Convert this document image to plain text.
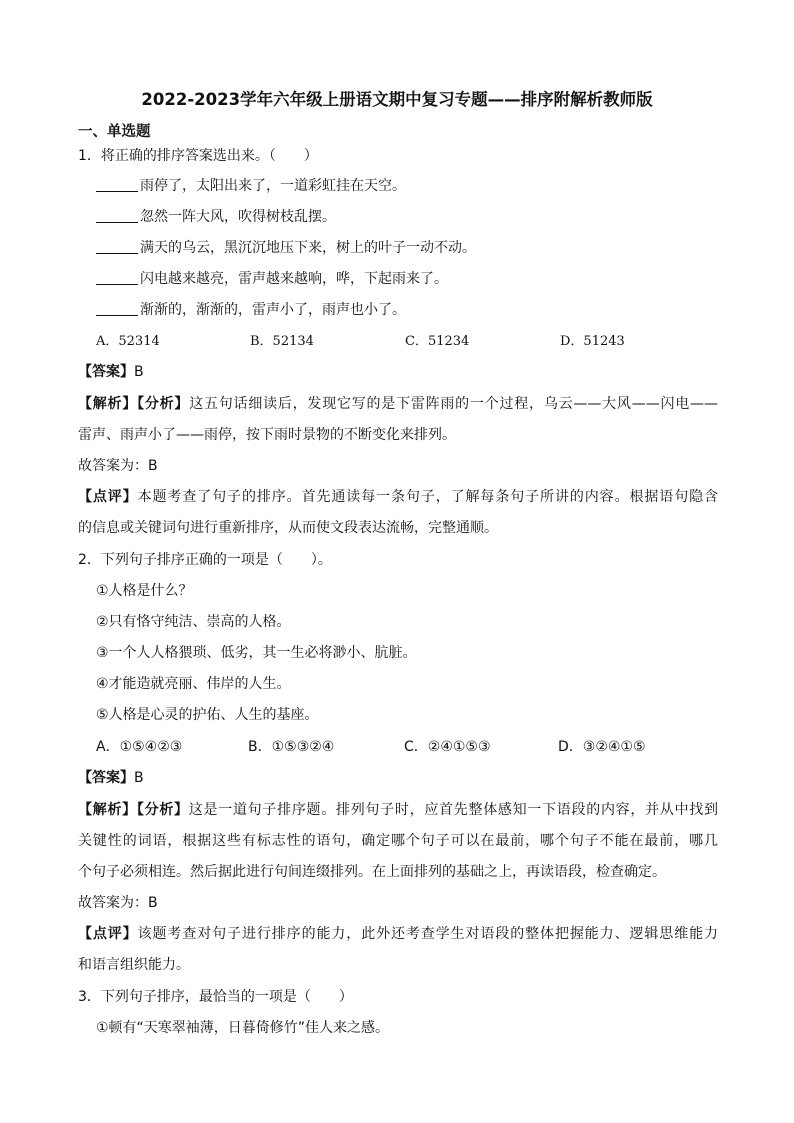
2022-2023学年六年级上册语文期中复习专题——排序附解析教师版
一、单选题
1．将正确的排序答案选出来。（　　）
雨停了，太阳出来了，一道彩虹挂在天空。
忽然一阵大风，吹得树枝乱摆。
满天的乌云，黑沉沉地压下来，树上的叶子一动不动。
闪电越来越亮，雷声越来越响，哗，下起雨来了。
渐渐的，渐渐的，雷声小了，雨声也小了。
A．52314	B．52134	C．51234	D．51243
【答案】B
【解析】【分析】这五句话细读后，发现它写的是下雷阵雨的一个过程，乌云——大风——闪电——
雷声、雨声小了——雨停，按下雨时景物的不断变化来排列。
故答案为：B
【点评】本题考查了句子的排序。首先通读每一条句子，了解每条句子所讲的内容。根据语句隐含
的信息或关键词句进行重新排序，从而使文段表达流畅，完整通顺。
2．下列句子排序正确的一项是（　　）。
①人格是什么？
②只有恪守纯洁、崇高的人格。
③一个人人格猥琐、低劣，其一生必将渺小、肮脏。
④才能造就亮丽、伟岸的人生。
⑤人格是心灵的护佑、人生的基座。
A．①⑤④②③	B．①⑤③②④	C．②④①⑤③	D．③②④①⑤
【答案】B
【解析】【分析】这是一道句子排序题。排列句子时，应首先整体感知一下语段的内容，并从中找到
关键性的词语，根据这些有标志性的语句，确定哪个句子可以在最前，哪个句子不能在最前，哪几
个句子必须相连。然后据此进行句间连缀排列。在上面排列的基础之上，再读语段，检查确定。
故答案为：B
【点评】该题考查对句子进行排序的能力，此外还考查学生对语段的整体把握能力、逻辑思维能力
和语言组织能力。
3．下列句子排序，最恰当的一项是（　　）
①顿有“天寒翠袖薄，日暮倚修竹”佳人来之感。
